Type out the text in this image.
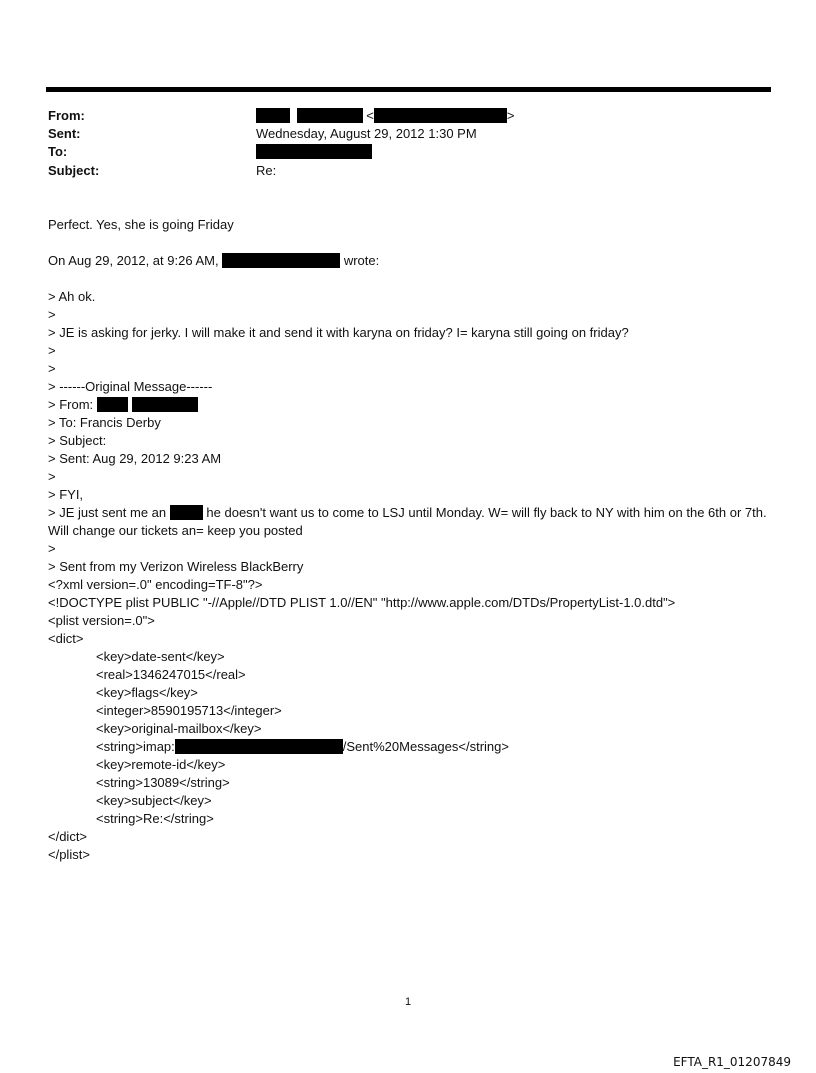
From:	<	>
Sent:	Wednesday, August 29, 2012 1:30 PM
To:
Subject:	Re:
Perfect. Yes, she is going Friday
On Aug 29, 2012, at 9:26 AM,	wrote:
> Ah ok.
>
> JE is asking for jerky. I will make it and send it with karyna on friday? I= karyna still going on friday?
>
>
> ------Original Message------
> From:
> To: Francis Derby
> Subject:
> Sent: Aug 29, 2012 9:23 AM
>
> FYI,
> JE just sent me an	he doesn't want us to come to LSJ until Monday. W= will fly back to NY with him on the 6th or 7th. Will change our tickets an= keep you posted
>
> Sent from my Verizon Wireless BlackBerry
<?xml version=.0" encoding=TF-8"?>
<!DOCTYPE plist PUBLIC "-//Apple//DTD PLIST 1.0//EN" "http://www.apple.com/DTDs/PropertyList-1.0.dtd">
<plist version=.0">
<dict>
<key>date-sent</key>
<real>1346247015</real>
<key>flags</key>
<integer>8590195713</integer>
<key>original-mailbox</key>
<string>imap:	/Sent%20Messages</string>
<key>remote-id</key>
<string>13089</string>
<key>subject</key>
<string>Re:</string>
</dict>
</plist>
1
EFTA_R1_01207849
